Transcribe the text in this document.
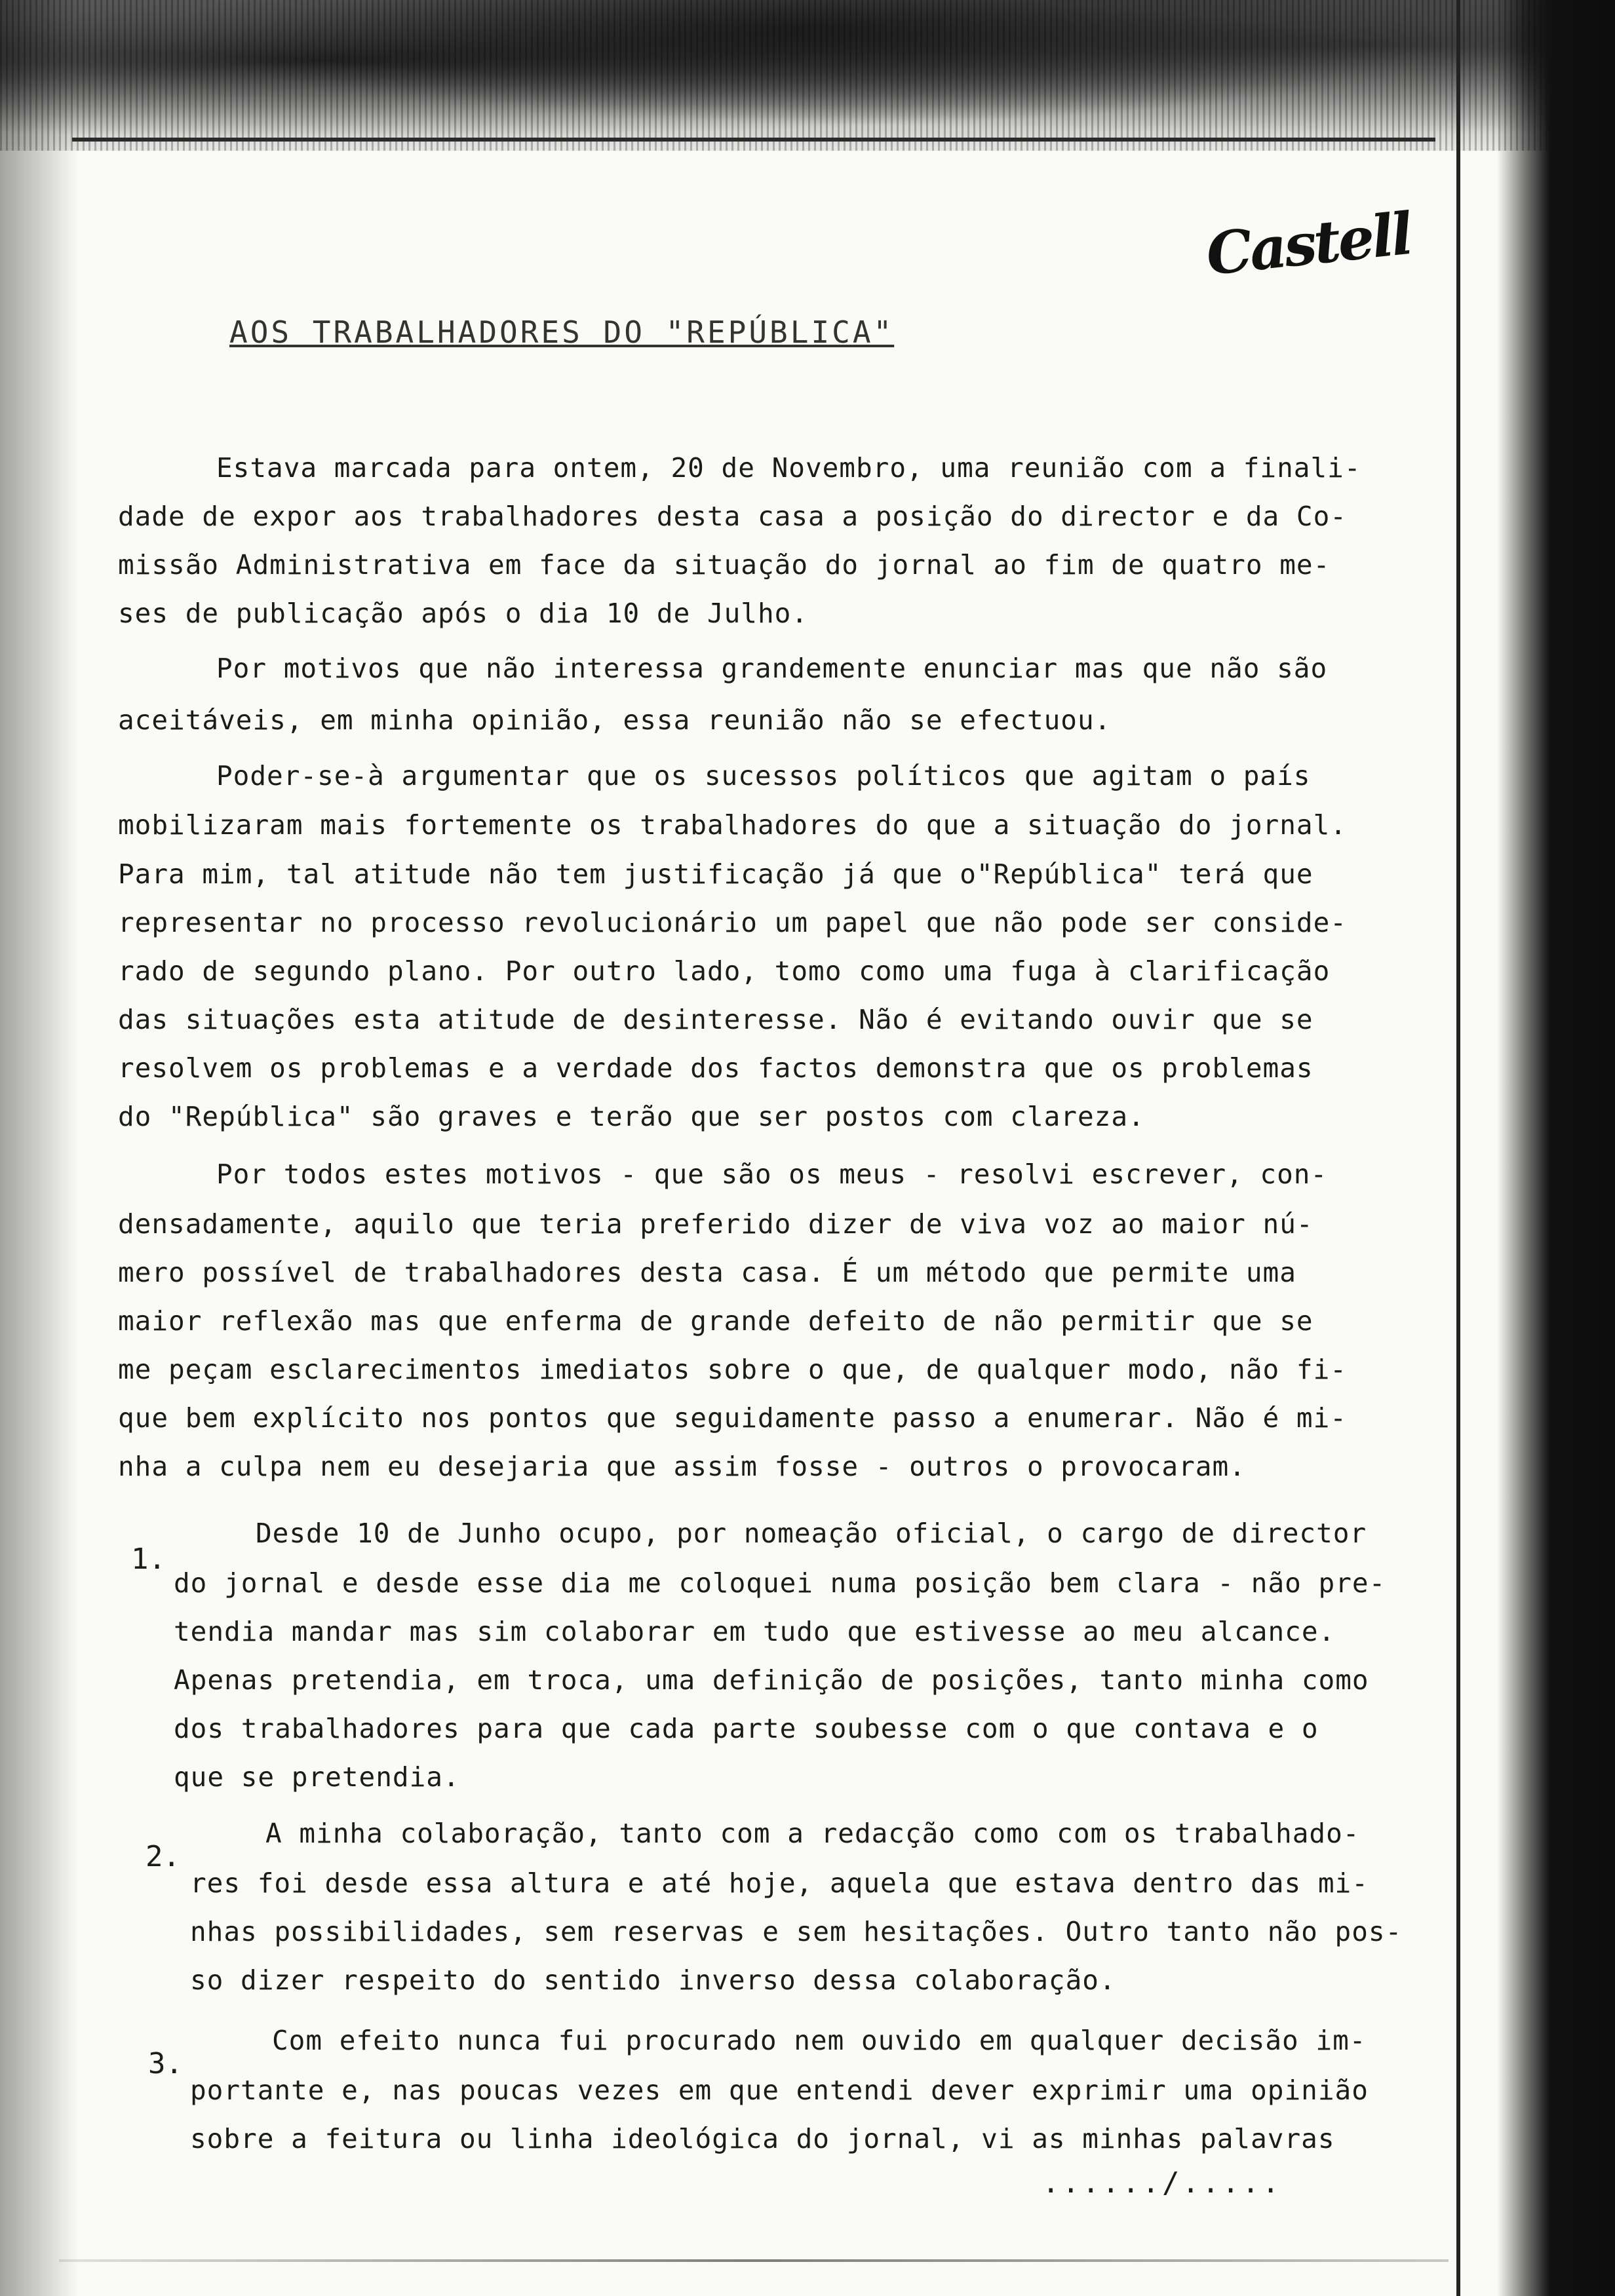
Castell
AOS TRABALHADORES DO "REPÚBLICA"
Estava marcada para ontem, 20 de Novembro, uma reunião com a finali-
dade de expor aos trabalhadores desta casa a posição do director e da Co-
missão Administrativa em face da situação do jornal ao fim de quatro me-
ses de publicação após o dia 10 de Julho.
Por motivos que não interessa grandemente enunciar mas que não são
aceitáveis, em minha opinião, essa reunião não se efectuou.
Poder-se-à argumentar que os sucessos políticos que agitam o país
mobilizaram mais fortemente os trabalhadores do que a situação do jornal.
Para mim, tal atitude não tem justificação já que o"República" terá que
representar no processo revolucionário um papel que não pode ser conside-
rado de segundo plano. Por outro lado, tomo como uma fuga à clarificação
das situações esta atitude de desinteresse. Não é evitando ouvir que se
resolvem os problemas e a verdade dos factos demonstra que os problemas
do "República" são graves e terão que ser postos com clareza.
Por todos estes motivos - que são os meus - resolvi escrever, con-
densadamente, aquilo que teria preferido dizer de viva voz ao maior nú-
mero possível de trabalhadores desta casa. É um método que permite uma
maior reflexão mas que enferma de grande defeito de não permitir que se
me peçam esclarecimentos imediatos sobre o que, de qualquer modo, não fi-
que bem explícito nos pontos que seguidamente passo a enumerar. Não é mi-
nha a culpa nem eu desejaria que assim fosse - outros o provocaram.
1.
Desde 10 de Junho ocupo, por nomeação oficial, o cargo de director
do jornal e desde esse dia me coloquei numa posição bem clara - não pre-
tendia mandar mas sim colaborar em tudo que estivesse ao meu alcance.
Apenas pretendia, em troca, uma definição de posições, tanto minha como
dos trabalhadores para que cada parte soubesse com o que contava e o
que se pretendia.
2.
A minha colaboração, tanto com a redacção como com os trabalhado-
res foi desde essa altura e até hoje, aquela que estava dentro das mi-
nhas possibilidades, sem reservas e sem hesitações. Outro tanto não pos-
so dizer respeito do sentido inverso dessa colaboração.
3.
Com efeito nunca fui procurado nem ouvido em qualquer decisão im-
portante e, nas poucas vezes em que entendi dever exprimir uma opinião
sobre a feitura ou linha ideológica do jornal, vi as minhas palavras
....../.....
